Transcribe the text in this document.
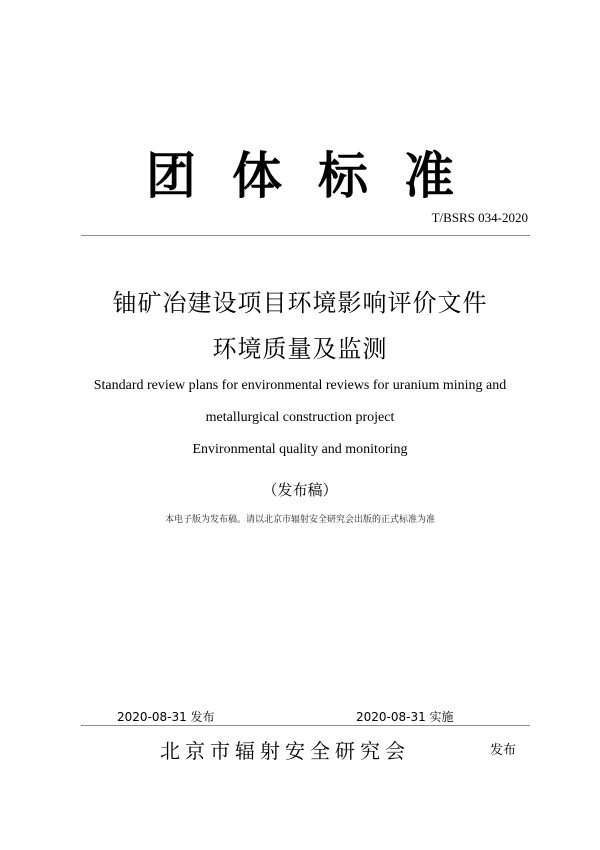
团体标准
T/BSRS 034-2020
铀矿冶建设项目环境影响评价文件
环境质量及监测
Standard review plans for environmental reviews for uranium mining and
metallurgical construction project
Environmental quality and monitoring
（发布稿）
本电子版为发布稿。请以北京市辐射安全研究会出版的正式标准为准
2020-08-31 发布	2020-08-31 实施
北京市辐射安全研究会	发布
